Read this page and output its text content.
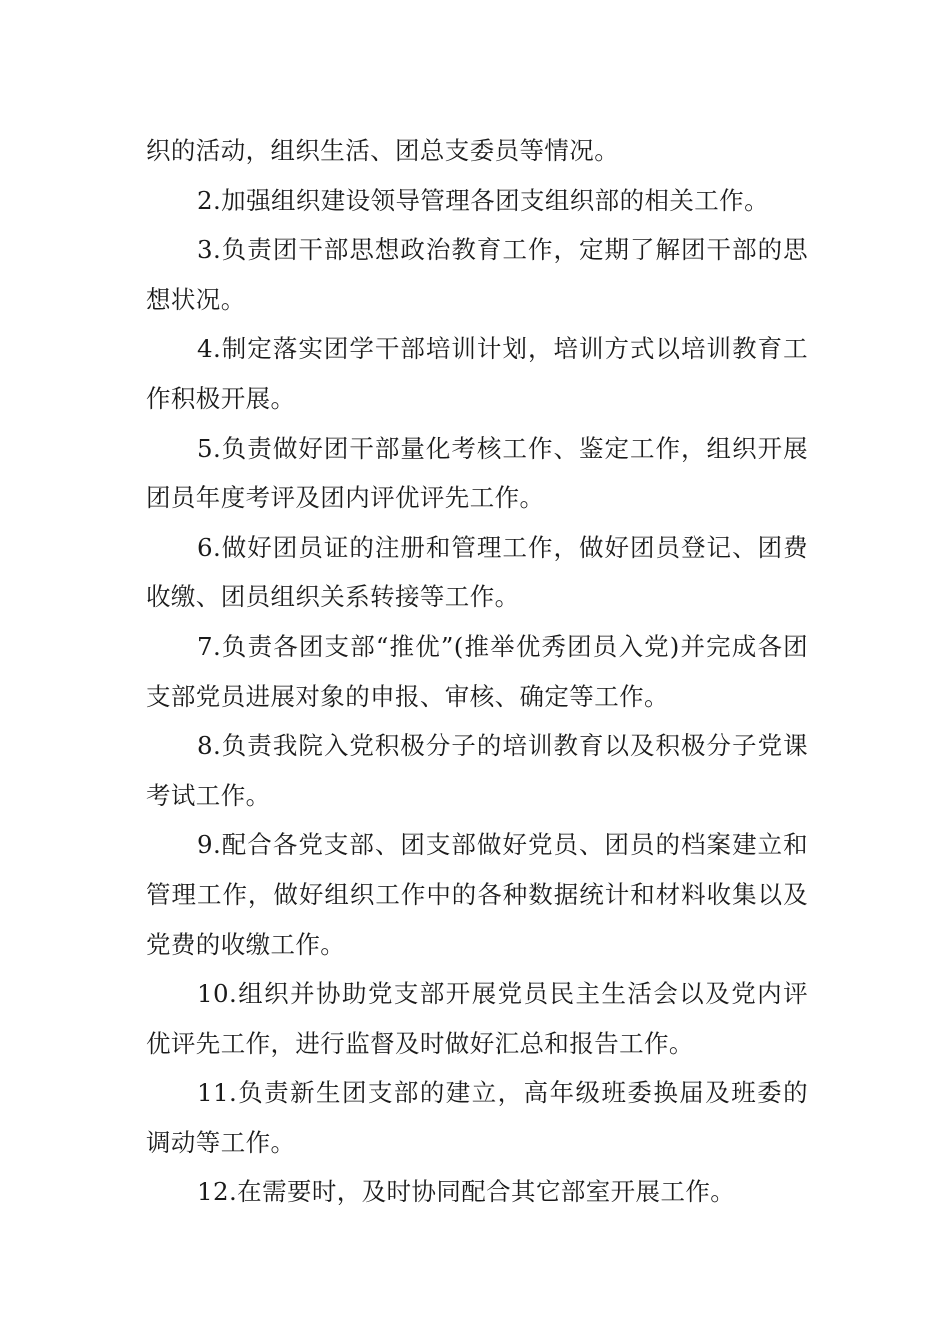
织的活动，组织生活、团总支委员等情况。

2.加强组织建设领导管理各团支组织部的相关工作。

3.负责团干部思想政治教育工作，定期了解团干部的思想状况。

4.制定落实团学干部培训计划，培训方式以培训教育工作积极开展。

5.负责做好团干部量化考核工作、鉴定工作，组织开展团员年度考评及团内评优评先工作。

6.做好团员证的注册和管理工作，做好团员登记、团费收缴、团员组织关系转接等工作。

7.负责各团支部“推优”(推举优秀团员入党)并完成各团支部党员进展对象的申报、审核、确定等工作。

8.负责我院入党积极分子的培训教育以及积极分子党课考试工作。

9.配合各党支部、团支部做好党员、团员的档案建立和管理工作，做好组织工作中的各种数据统计和材料收集以及党费的收缴工作。

10.组织并协助党支部开展党员民主生活会以及党内评优评先工作，进行监督及时做好汇总和报告工作。

11.负责新生团支部的建立，高年级班委换届及班委的调动等工作。

12.在需要时，及时协同配合其它部室开展工作。
